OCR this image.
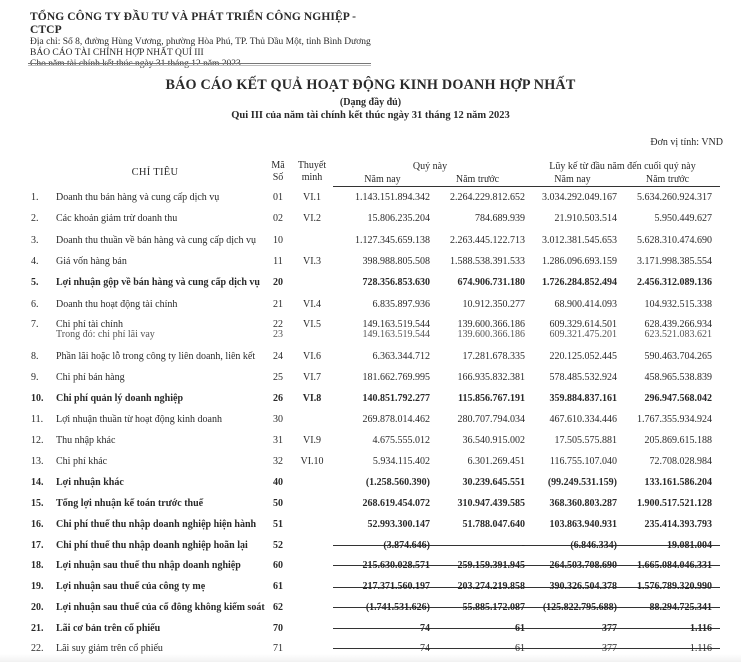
TỔNG CÔNG TY ĐẦU TƯ VÀ PHÁT TRIỂN CÔNG NGHIỆP - CTCP
Địa chỉ: Số 8, đường Hùng Vương, phường Hòa Phú, TP. Thủ Dầu Một, tỉnh Bình Dương
BÁO CÁO TÀI CHÍNH HỢP NHẤT QUÍ III
Cho năm tài chính kết thúc ngày 31 tháng 12 năm 2023
BÁO CÁO KẾT QUẢ HOẠT ĐỘNG KINH DOANH HỢP NHẤT
(Dạng đầy đủ)
Qui III của năm tài chính kết thúc ngày 31 tháng 12 năm 2023
Đơn vị tính: VND
CHỈ TIÊU
Mã
Số
Thuyết
minh
Quý này	Lũy kế từ đầu năm đến cuối quý này
Năm nay	Năm trước	Năm nay	Năm trước
1. Doanh thu bán hàng và cung cấp dịch vụ	01	VI.1	1.143.151.894.342	2.264.229.812.652	3.034.292.049.167	5.634.260.924.317
2. Các khoản giảm trừ doanh thu	02	VI.2	15.806.235.204	784.689.939	21.910.503.514	5.950.449.627
3. Doanh thu thuần về bán hàng và cung cấp dịch vụ	10	1.127.345.659.138	2.263.445.122.713	3.012.381.545.653	5.628.310.474.690
4. Giá vốn hàng bán	11	VI.3	398.988.805.508	1.588.538.391.533	1.286.096.693.159	3.171.998.385.554
5. Lợi nhuận gộp về bán hàng và cung cấp dịch vụ	20	728.356.853.630	674.906.731.180	1.726.284.852.494	2.456.312.089.136
6. Doanh thu hoạt động tài chính	21	VI.4	6.835.897.936	10.912.350.277	68.900.414.093	104.932.515.338
7. Chi phí tài chính	22	VI.5	149.163.519.544	139.600.366.186	609.329.614.501	628.439.266.934
Trong đó: chi phí lãi vay	23	149.163.519.544	139.600.366.186	609.321.475.201	623.521.083.621
8. Phần lãi hoặc lỗ trong công ty liên doanh, liên kết	24	VI.6	6.363.344.712	17.281.678.335	220.125.052.445	590.463.704.265
9. Chi phí bán hàng	25	VI.7	181.662.769.995	166.935.832.381	578.485.532.924	458.965.538.839
10. Chi phí quản lý doanh nghiệp	26	VI.8	140.851.792.277	115.856.767.191	359.884.837.161	296.947.568.042
11. Lợi nhuận thuần từ hoạt động kinh doanh	30	269.878.014.462	280.707.794.034	467.610.334.446	1.767.355.934.924
12. Thu nhập khác	31	VI.9	4.675.555.012	36.540.915.002	17.505.575.881	205.869.615.188
13. Chi phí khác	32	VI.10	5.934.115.402	6.301.269.451	116.755.107.040	72.708.028.984
14. Lợi nhuận khác	40	(1.258.560.390)	30.239.645.551	(99.249.531.159)	133.161.586.204
15. Tổng lợi nhuận kế toán trước thuế	50	268.619.454.072	310.947.439.585	368.360.803.287	1.900.517.521.128
16. Chi phí thuế thu nhập doanh nghiệp hiện hành	51	52.993.300.147	51.788.047.640	103.863.940.931	235.414.393.793
17. Chi phí thuế thu nhập doanh nghiệp hoãn lại	52	(3.874.646)	-	(6.846.334)	19.081.004
18. Lợi nhuận sau thuế thu nhập doanh nghiệp	60	215.630.028.571	259.159.391.945	264.503.708.690	1.665.084.046.331
19. Lợi nhuận sau thuế của công ty mẹ	61	217.371.560.197	203.274.219.858	390.326.504.378	1.576.789.320.990
20. Lợi nhuận sau thuế của cổ đông không kiểm soát 62	(1.741.531.626)	55.885.172.087	(125.822.795.688)	88.294.725.341
21. Lãi cơ bản trên cổ phiếu	70	74	61	377	1.116
22. Lãi suy giảm trên cổ phiếu	71	74	61	377	1.116
